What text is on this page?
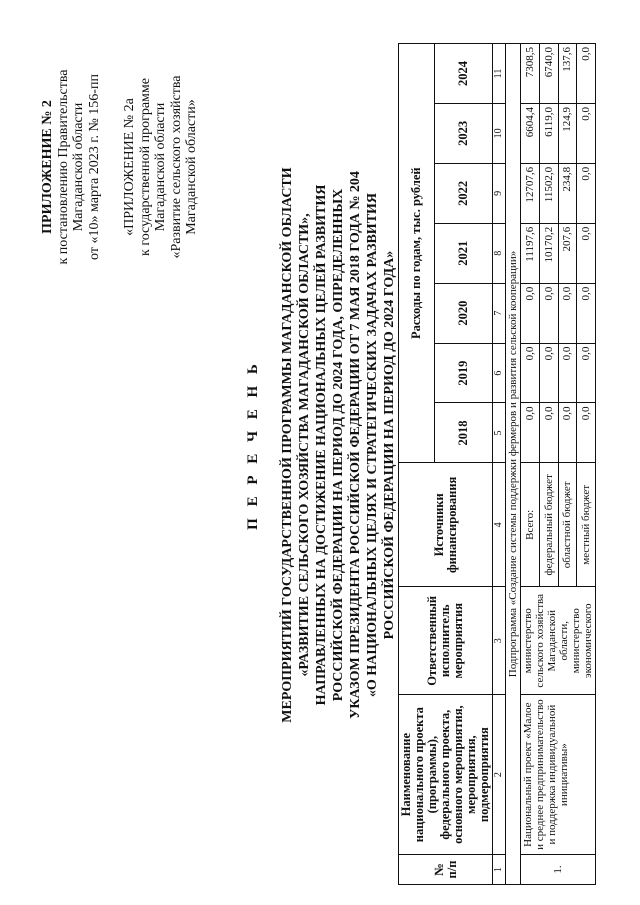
ПРИЛОЖЕНИЕ № 2 к постановлению Правительства Магаданской области от «10» марта 2023 г. № 156-пп «ПРИЛОЖЕНИЕ № 2а к государственной программе Магаданской области «Развитие сельского хозяйства Магаданской области»
П Е Р Е Ч Е Н Ь МЕРОПРИЯТИЙ ГОСУДАРСТВЕННОЙ ПРОГРАММЫ МАГАДАНСКОЙ ОБЛАСТИ «РАЗВИТИЕ СЕЛЬСКОГО ХОЗЯЙСТВА МАГАДАНСКОЙ ОБЛАСТИ», НАПРАВЛЕННЫХ НА ДОСТИЖЕНИЕ НАЦИОНАЛЬНЫХ ЦЕЛЕЙ РАЗВИТИЯ РОССИЙСКОЙ ФЕДЕРАЦИИ НА ПЕРИОД ДО 2024 ГОДА, ОПРЕДЕЛЕННЫХ УКАЗОМ ПРЕЗИДЕНТА РОССИЙСКОЙ ФЕДЕРАЦИИ ОТ 7 МАЯ 2018 ГОДА № 204 «О НАЦИОНАЛЬНЫХ ЦЕЛЯХ И СТРАТЕГИЧЕСКИХ ЗАДАЧАХ РАЗВИТИЯ РОССИЙСКОЙ ФЕДЕРАЦИИ НА ПЕРИОД ДО 2024 ГОДА»
№ п/п	Наименование национального проекта (программы), федерального проекта, основного мероприятия, мероприятия, подмероприятия	Ответственный исполнитель мероприятия	Источники финансирования	Расходы по годам, тыс. рублей						
				2018	2019	2020	2021	2022	2023	2024
1	2	3	4	5	6	7	8	9	10	11
Подпрограмма «Создание системы поддержки фермеров и развития сельской кооперации»										
1.	Национальный проект «Малое и среднее предпринимательство и поддержка индивидуальной инициативы»	министерство сельского хозяйства Магаданской области, министерство экономического	Всего:	0,0	0,0	0,0	11197,6	12707,6	6604,4	7308,5
			федеральный бюджет	0,0	0,0	0,0	10170,2	11502,0	6119,0	6740,0
			областной бюджет	0,0	0,0	0,0	207,6	234,8	124,9	137,6
			местный бюджет	0,0	0,0	0,0	0,0	0,0	0,0	0,0
